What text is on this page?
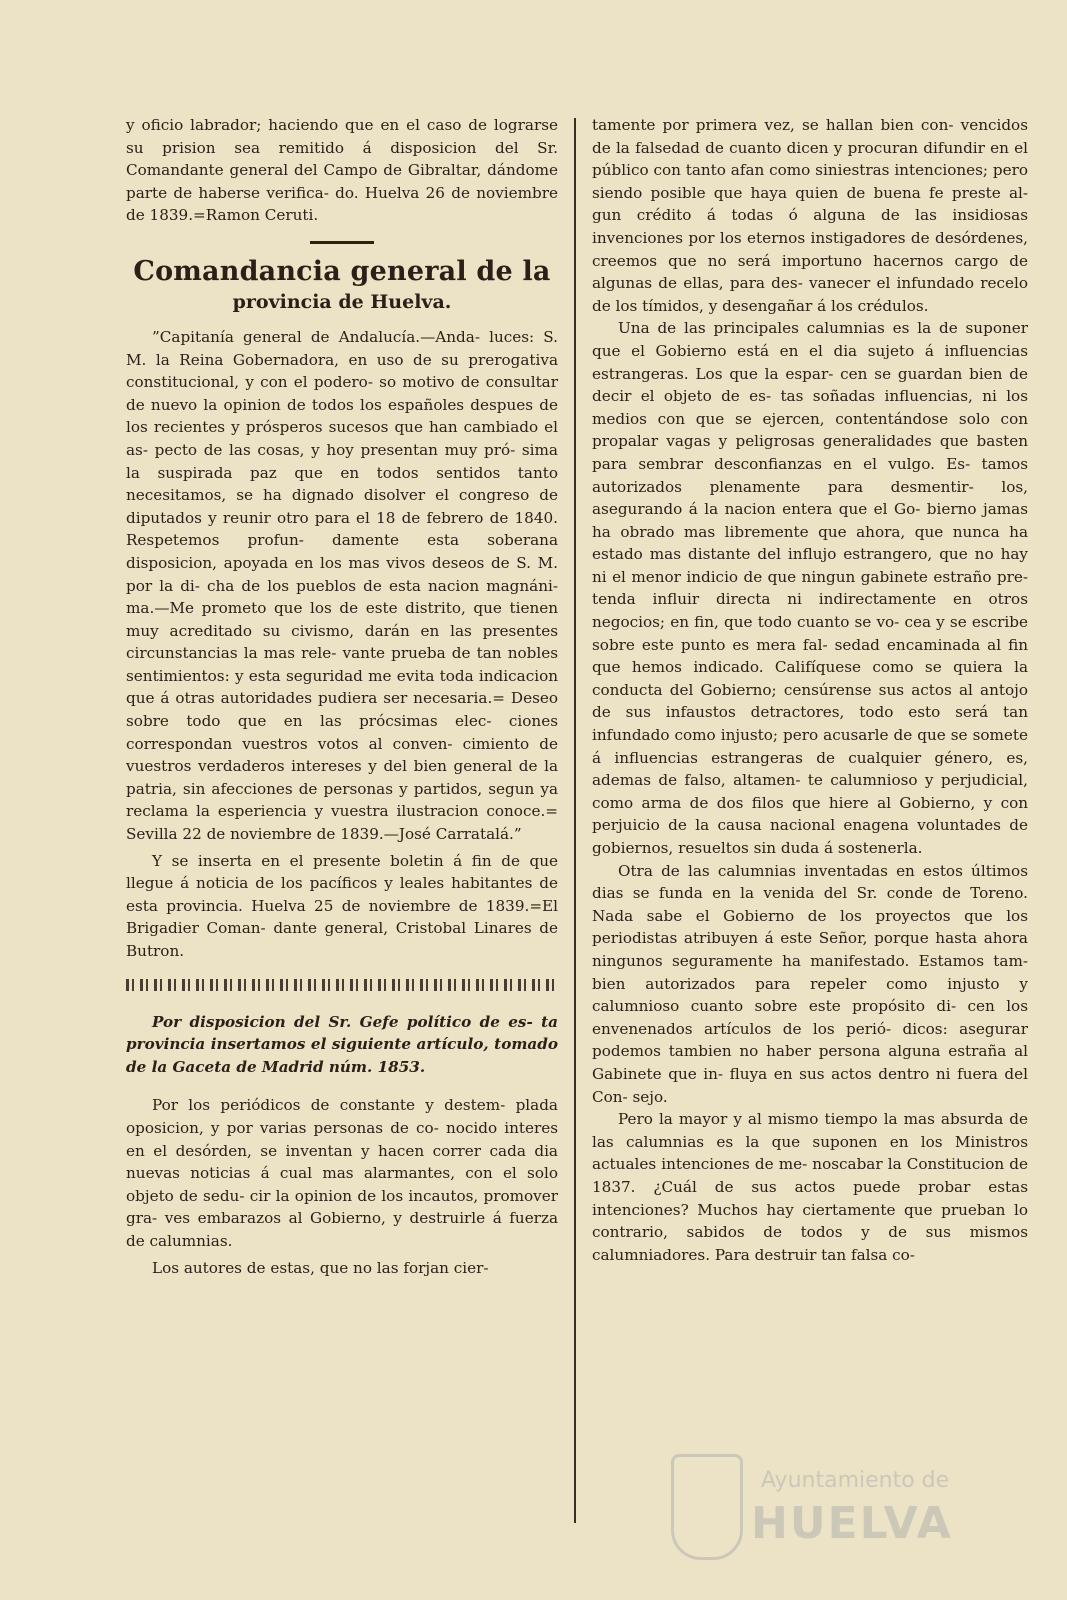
y oficio labrador; haciendo que en el caso de lograrse su prision sea remitido á disposicion del Sr. Comandante general del Campo de Gibraltar, dándome parte de haberse verifica- do. Huelva 26 de noviembre de 1839.=Ramon Ceruti.

Comandancia general de la
provincia de Huelva.

”Capitanía general de Andalucía.—Anda- luces: S. M. la Reina Gobernadora, en uso de su prerogativa constitucional, y con el podero- so motivo de consultar de nuevo la opinion de todos los españoles despues de los recientes y prósperos sucesos que han cambiado el as- pecto de las cosas, y hoy presentan muy pró- sima la suspirada paz que en todos sentidos tanto necesitamos, se ha dignado disolver el congreso de diputados y reunir otro para el 18 de febrero de 1840. Respetemos profun- damente esta soberana disposicion, apoyada en los mas vivos deseos de S. M. por la di- cha de los pueblos de esta nacion magnáni- ma.—Me prometo que los de este distrito, que tienen muy acreditado su civismo, darán en las presentes circunstancias la mas rele- vante prueba de tan nobles sentimientos: y esta seguridad me evita toda indicacion que á otras autoridades pudiera ser necesaria.= Deseo sobre todo que en las prócsimas elec- ciones correspondan vuestros votos al conven- cimiento de vuestros verdaderos intereses y del bien general de la patria, sin afecciones de personas y partidos, segun ya reclama la esperiencia y vuestra ilustracion conoce.= Sevilla 22 de noviembre de 1839.—José Carratalá.”

Y se inserta en el presente boletin á fin de que llegue á noticia de los pacíficos y leales habitantes de esta provincia. Huelva 25 de noviembre de 1839.=El Brigadier Coman- dante general, Cristobal Linares de Butron.

Por disposicion del Sr. Gefe político de es- ta provincia insertamos el siguiente artículo, tomado de la Gaceta de Madrid núm. 1853.

Por los periódicos de constante y destem- plada oposicion, y por varias personas de co- nocido interes en el desórden, se inventan y hacen correr cada dia nuevas noticias á cual mas alarmantes, con el solo objeto de sedu- cir la opinion de los incautos, promover gra- ves embarazos al Gobierno, y destruirle á fuerza de calumnias.

Los autores de estas, que no las forjan cier-

tamente por primera vez, se hallan bien con- vencidos de la falsedad de cuanto dicen y procuran difundir en el público con tanto afan como siniestras intenciones; pero siendo posible que haya quien de buena fe preste al- gun crédito á todas ó alguna de las insidiosas invenciones por los eternos instigadores de desórdenes, creemos que no será importuno hacernos cargo de algunas de ellas, para des- vanecer el infundado recelo de los tímidos, y desengañar á los crédulos.

Una de las principales calumnias es la de suponer que el Gobierno está en el dia sujeto á influencias estrangeras. Los que la espar- cen se guardan bien de decir el objeto de es- tas soñadas influencias, ni los medios con que se ejercen, contentándose solo con propalar vagas y peligrosas generalidades que basten para sembrar desconfianzas en el vulgo. Es- tamos autorizados plenamente para desmentir- los, asegurando á la nacion entera que el Go- bierno jamas ha obrado mas libremente que ahora, que nunca ha estado mas distante del influjo estrangero, que no hay ni el menor indicio de que ningun gabinete estraño pre- tenda influir directa ni indirectamente en otros negocios; en fin, que todo cuanto se vo- cea y se escribe sobre este punto es mera fal- sedad encaminada al fin que hemos indicado. Califíquese como se quiera la conducta del Gobierno; censúrense sus actos al antojo de sus infaustos detractores, todo esto será tan infundado como injusto; pero acusarle de que se somete á influencias estrangeras de cualquier género, es, ademas de falso, altamen- te calumnioso y perjudicial, como arma de dos filos que hiere al Gobierno, y con perjuicio de la causa nacional enagena voluntades de gobiernos, resueltos sin duda á sostenerla.

Otra de las calumnias inventadas en estos últimos dias se funda en la venida del Sr. conde de Toreno. Nada sabe el Gobierno de los proyectos que los periodistas atribuyen á este Señor, porque hasta ahora ningunos seguramente ha manifestado. Estamos tam- bien autorizados para repeler como injusto y calumnioso cuanto sobre este propósito di- cen los envenenados artículos de los perió- dicos: asegurar podemos tambien no haber persona alguna estraña al Gabinete que in- fluya en sus actos dentro ni fuera del Con- sejo.

Pero la mayor y al mismo tiempo la mas absurda de las calumnias es la que suponen en los Ministros actuales intenciones de me- noscabar la Constitucion de 1837. ¿Cuál de sus actos puede probar estas intenciones? Muchos hay ciertamente que prueban lo contrario, sabidos de todos y de sus mismos calumniadores. Para destruir tan falsa co-

Ayuntamiento de
HUELVA
